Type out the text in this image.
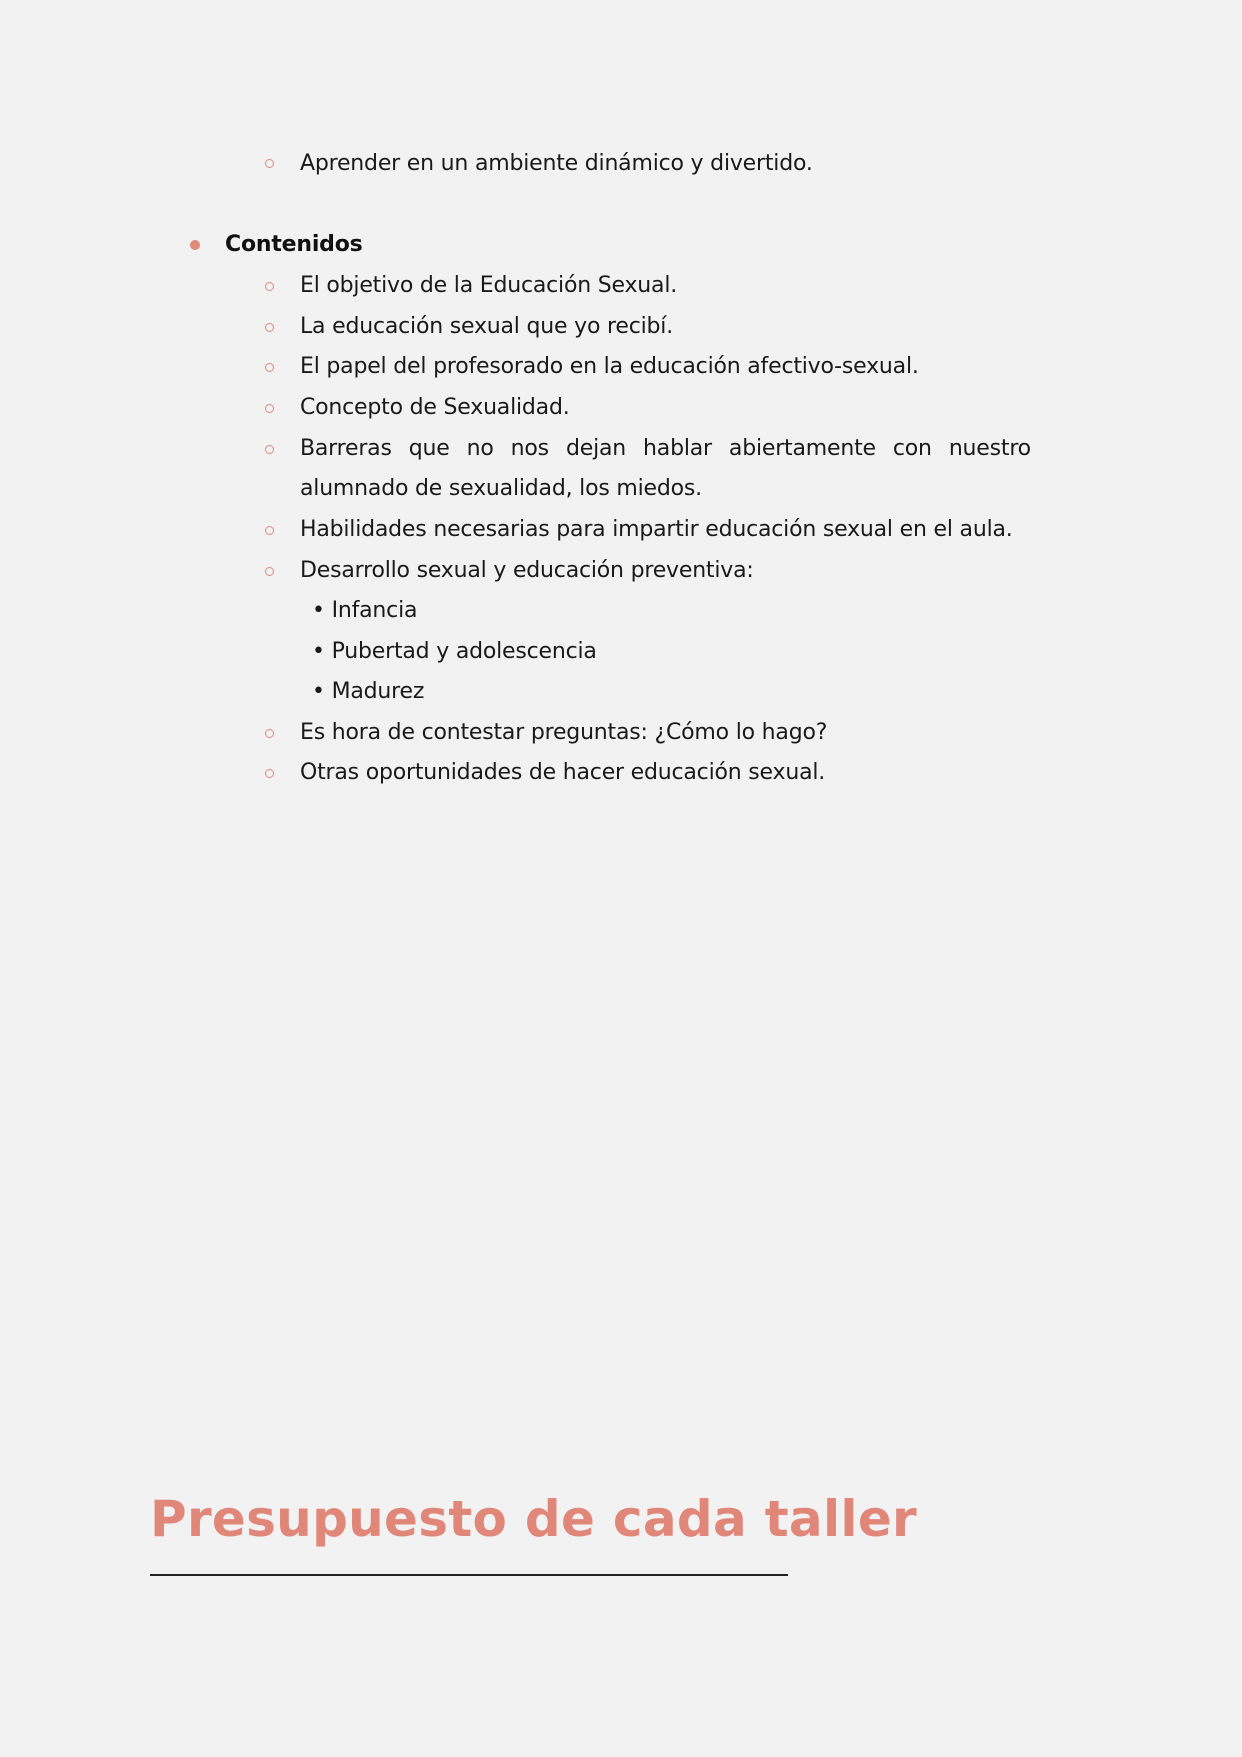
Aprender en un ambiente dinámico y divertido.
Contenidos
El objetivo de la Educación Sexual.
La educación sexual que yo recibí.
El papel del profesorado en la educación afectivo-sexual.
Concepto de Sexualidad.
Barreras que no nos dejan hablar abiertamente con nuestro
alumnado de sexualidad, los miedos.
Habilidades necesarias para impartir educación sexual en el aula.
Desarrollo sexual y educación preventiva:
• Infancia
• Pubertad y adolescencia
• Madurez
Es hora de contestar preguntas: ¿Cómo lo hago?
Otras oportunidades de hacer educación sexual.
Presupuesto de cada taller
